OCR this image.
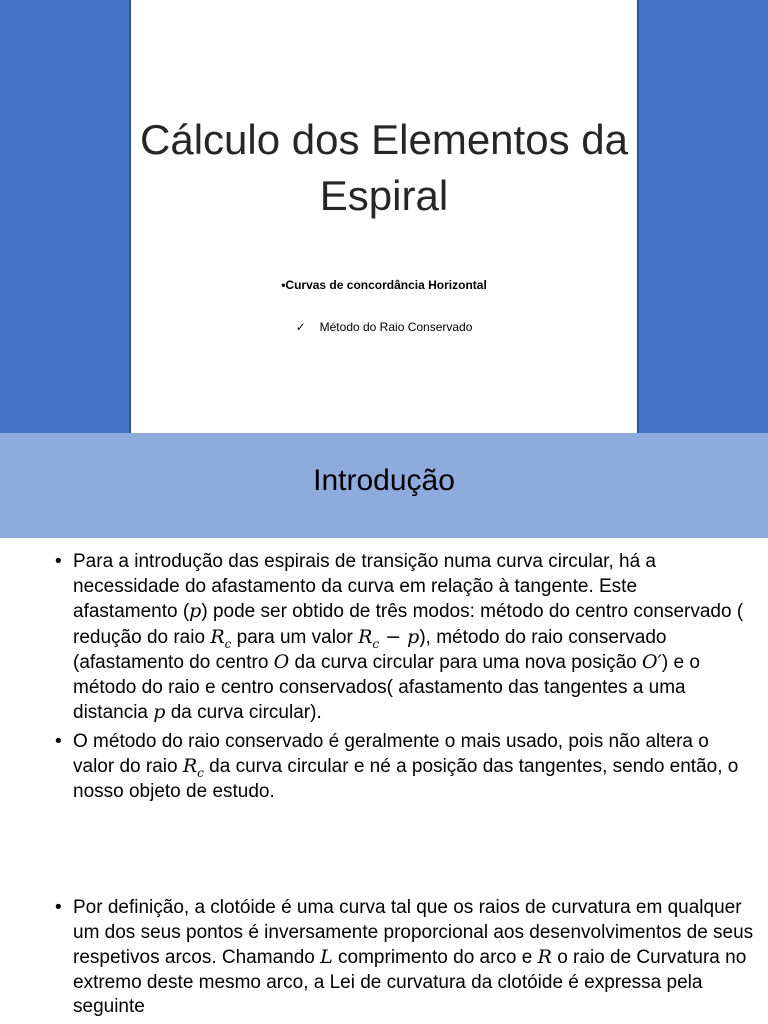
Cálculo dos Elementos da Espiral
•Curvas de concordância Horizontal
✓ Método do Raio Conservado
Introdução
• Para a introdução das espirais de transição numa curva circular, há a necessidade do afastamento da curva em relação à tangente. Este afastamento (p) pode ser obtido de três modos: método do centro conservado ( redução do raio $R_c$ para um valor $R_c - p$), método do raio conservado (afastamento do centro O da curva circular para uma nova posição O′) e o método do raio e centro conservados( afastamento das tangentes a uma distancia p da curva circular).
• O método do raio conservado é geralmente o mais usado, pois não altera o valor do raio $R_c$ da curva circular e né a posição das tangentes, sendo então, o nosso objeto de estudo.
• Por definição, a clotóide é uma curva tal que os raios de curvatura em qualquer um dos seus pontos é inversamente proporcional aos desenvolvimentos de seus respetivos arcos. Chamando L comprimento do arco e R o raio de Curvatura no extremo deste mesmo arco, a Lei de curvatura da clotóide é expressa pela seguinte
